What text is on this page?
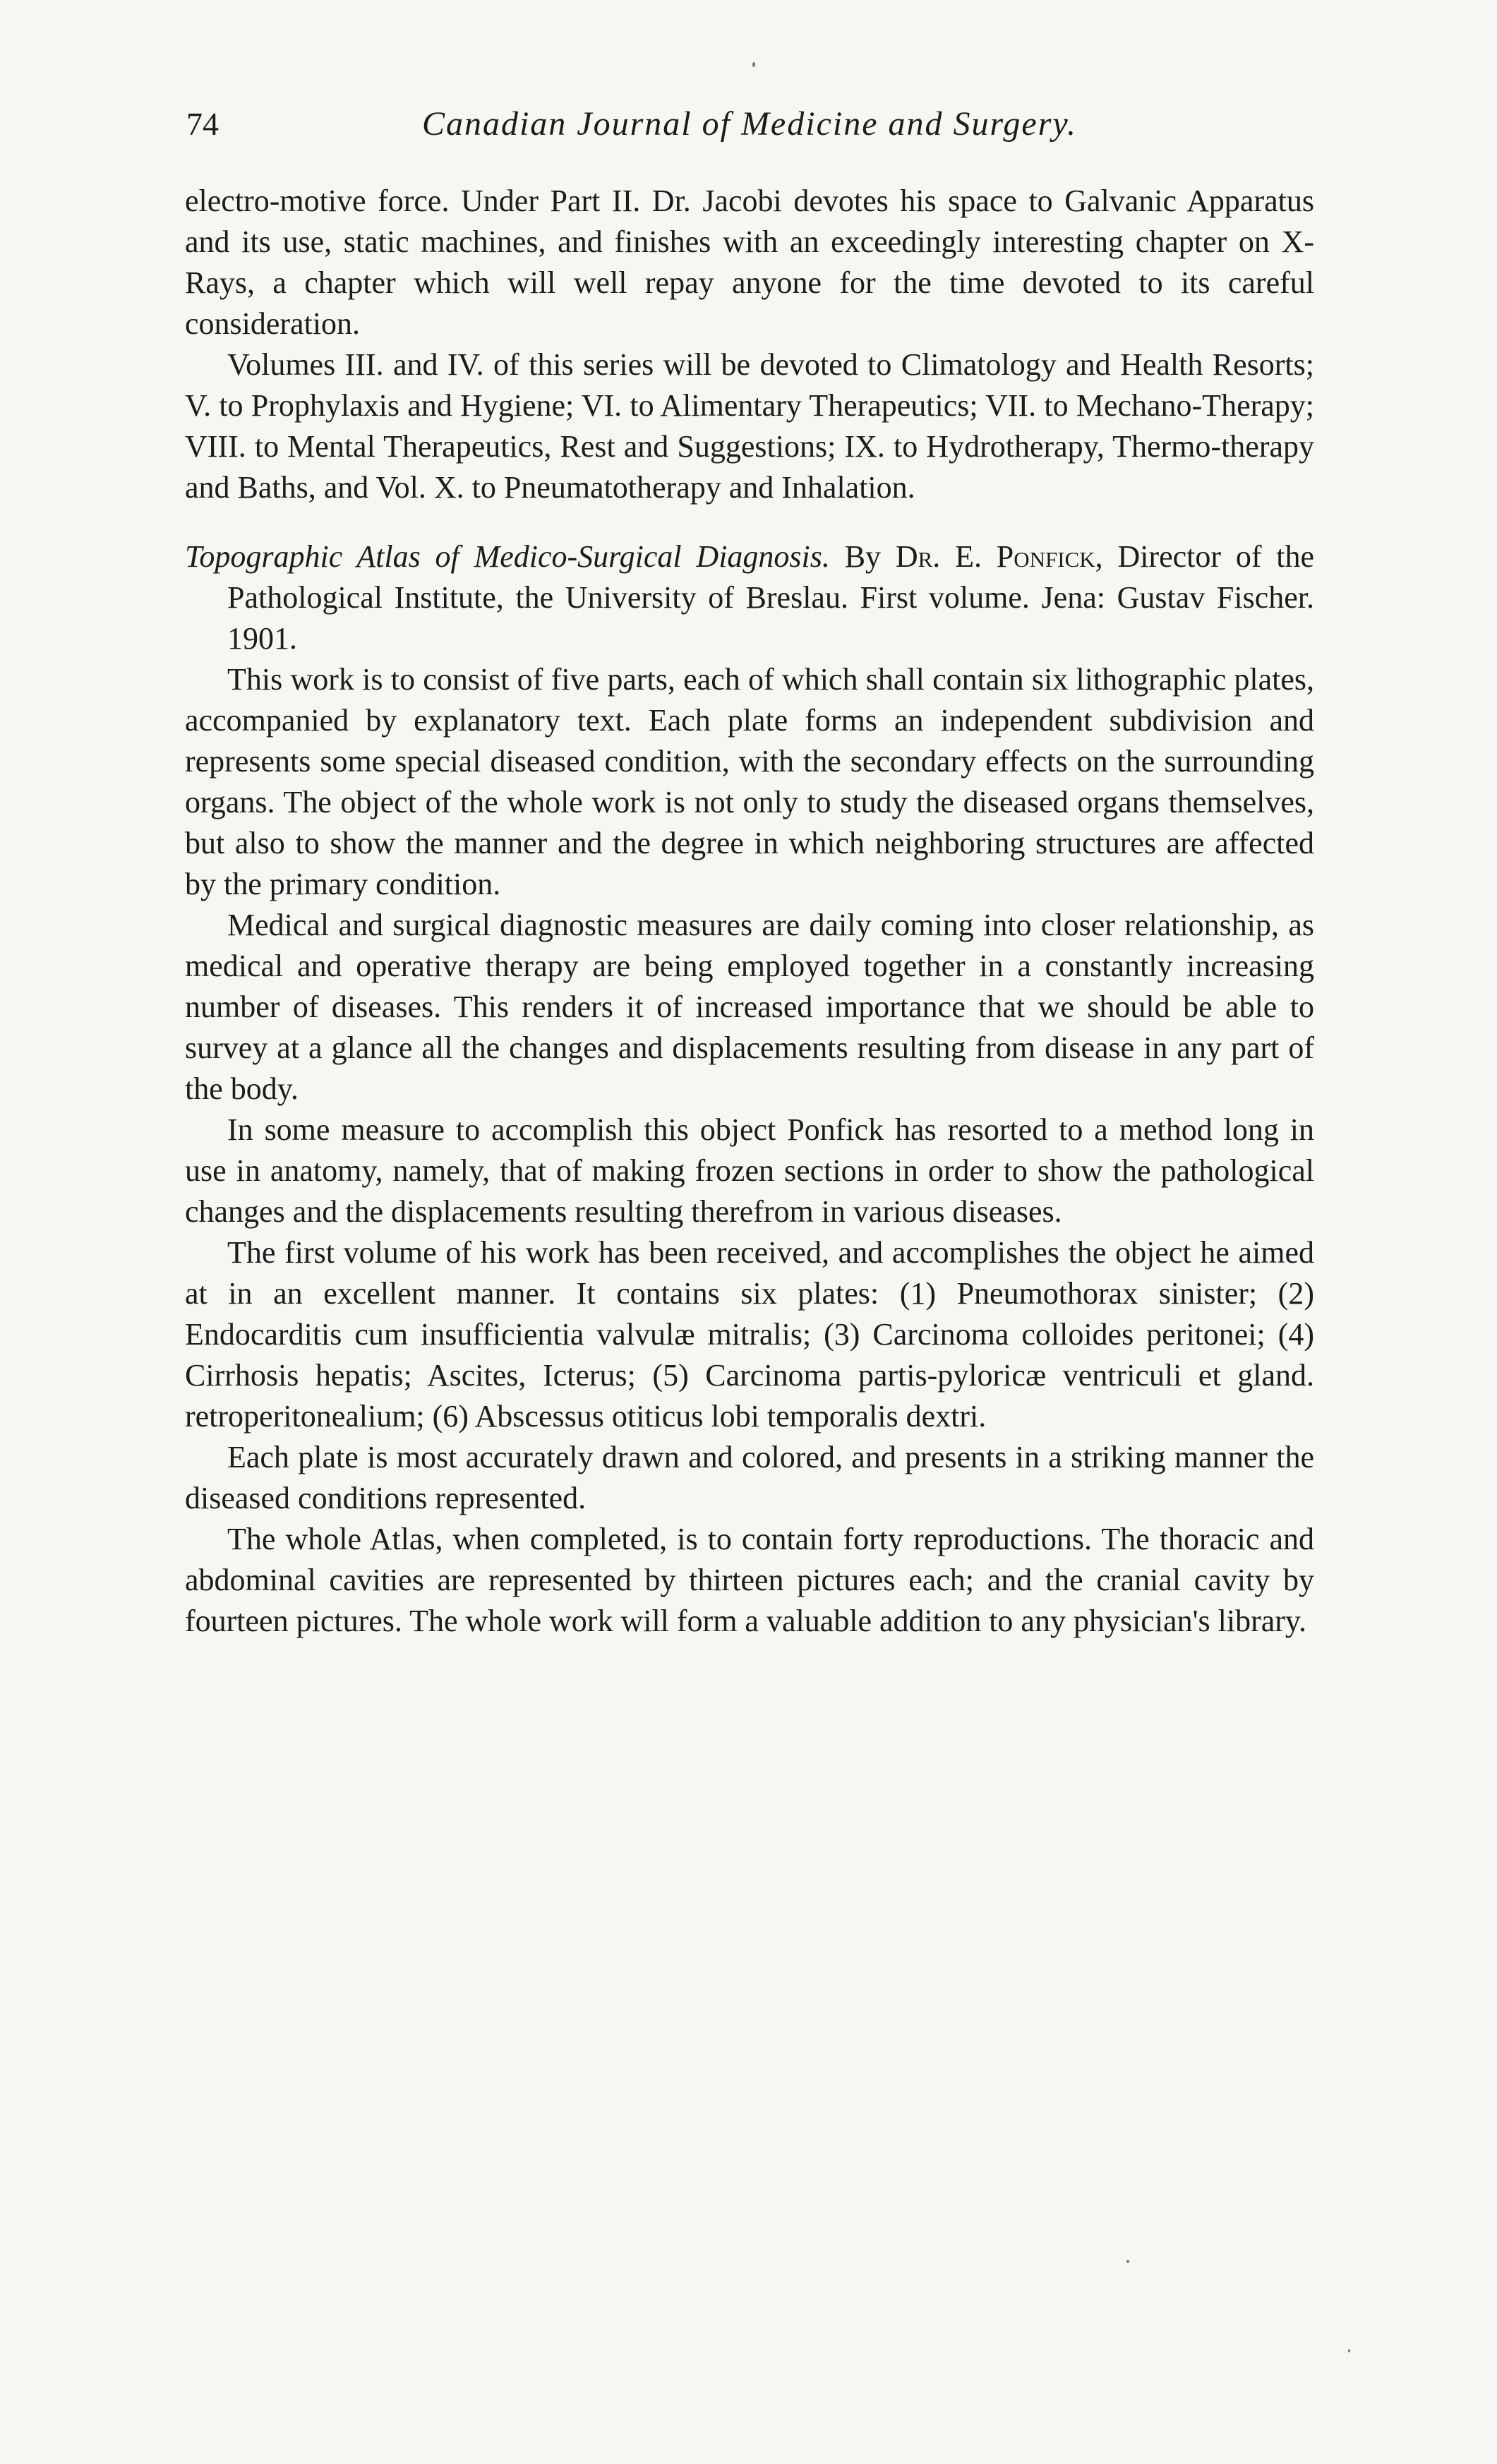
74	Canadian Journal of Medicine and Surgery.

electro-motive force. Under Part II. Dr. Jacobi devotes his space to Galvanic Apparatus and its use, static machines, and finishes with an exceedingly interesting chapter on X-Rays, a chapter which will well repay anyone for the time devoted to its careful consideration.

Volumes III. and IV. of this series will be devoted to Climatology and Health Resorts; V. to Prophylaxis and Hygiene; VI. to Alimentary Therapeutics; VII. to Mechano-Therapy; VIII. to Mental Therapeutics, Rest and Suggestions; IX. to Hydrotherapy, Thermo-therapy and Baths, and Vol. X. to Pneumatotherapy and Inhalation.

Topographic Atlas of Medico-Surgical Diagnosis. By Dr. E. Ponfick, Director of the Pathological Institute, the University of Breslau. First volume. Jena: Gustav Fischer. 1901.

This work is to consist of five parts, each of which shall contain six lithographic plates, accompanied by explanatory text. Each plate forms an independent subdivision and represents some special diseased condition, with the secondary effects on the surrounding organs. The object of the whole work is not only to study the diseased organs themselves, but also to show the manner and the degree in which neighboring structures are affected by the primary condition.

Medical and surgical diagnostic measures are daily coming into closer relationship, as medical and operative therapy are being employed together in a constantly increasing number of diseases. This renders it of increased importance that we should be able to survey at a glance all the changes and displacements resulting from disease in any part of the body.

In some measure to accomplish this object Ponfick has resorted to a method long in use in anatomy, namely, that of making frozen sections in order to show the pathological changes and the displacements resulting therefrom in various diseases.

The first volume of his work has been received, and accomplishes the object he aimed at in an excellent manner. It contains six plates: (1) Pneumothorax sinister; (2) Endocarditis cum insufficientia valvulæ mitralis; (3) Carcinoma colloides peritonei; (4) Cirrhosis hepatis; Ascites, Icterus; (5) Carcinoma partis-pyloricæ ventriculi et gland. retroperitonealium; (6) Abscessus otiticus lobi temporalis dextri.

Each plate is most accurately drawn and colored, and presents in a striking manner the diseased conditions represented.

The whole Atlas, when completed, is to contain forty reproductions. The thoracic and abdominal cavities are represented by thirteen pictures each; and the cranial cavity by fourteen pictures. The whole work will form a valuable addition to any physician's library.
